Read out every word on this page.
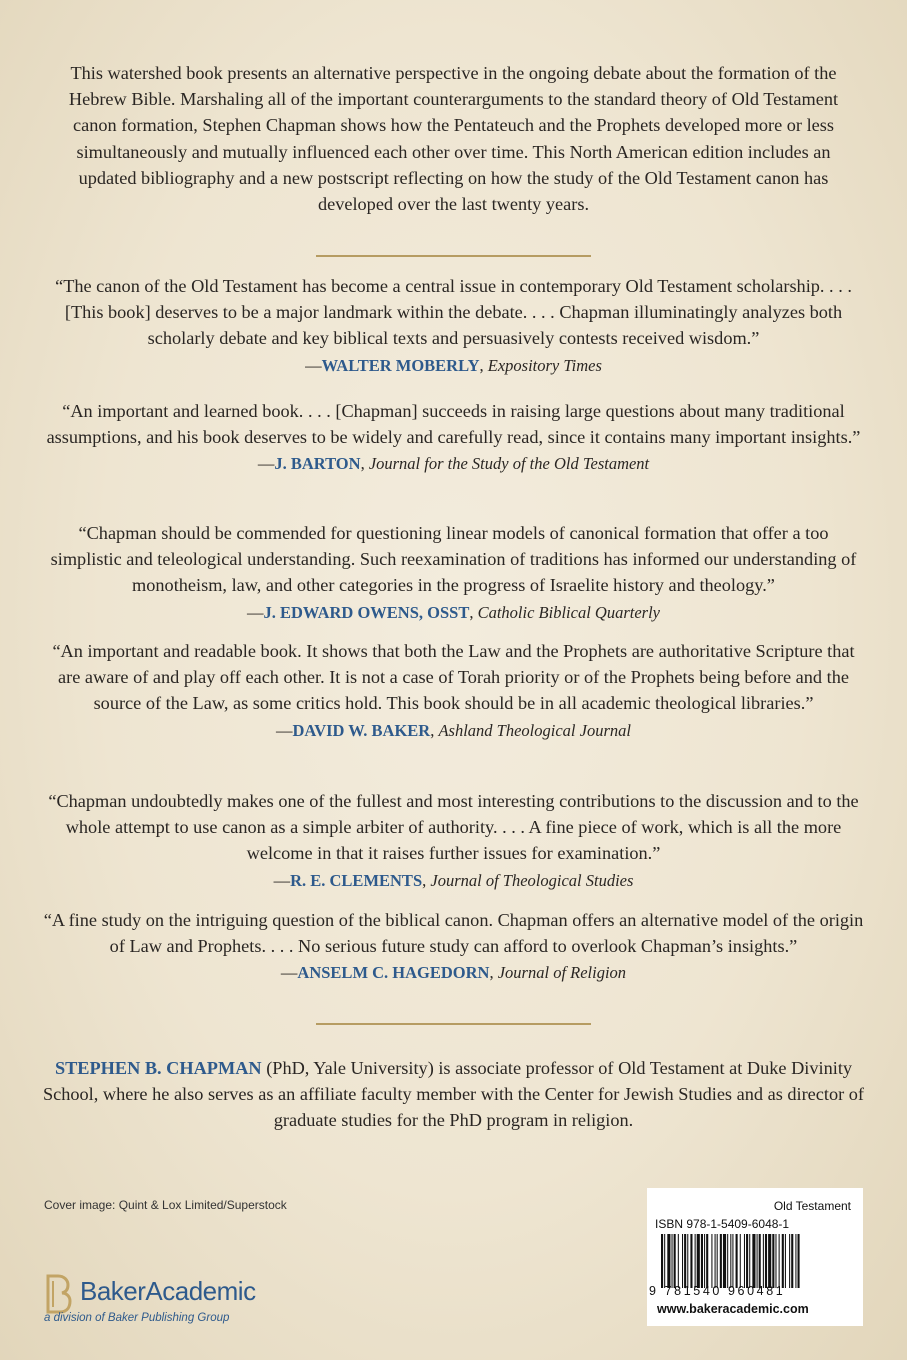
This watershed book presents an alternative perspective in the ongoing debate about the formation of the Hebrew Bible. Marshaling all of the important counterarguments to the standard theory of Old Testament canon formation, Stephen Chapman shows how the Pentateuch and the Prophets developed more or less simultaneously and mutually influenced each other over time. This North American edition includes an updated bibliography and a new postscript reflecting on how the study of the Old Testament canon has developed over the last twenty years.

“The canon of the Old Testament has become a central issue in contemporary Old Testament scholarship. . . . [This book] deserves to be a major landmark within the debate. . . . Chapman illuminatingly analyzes both scholarly debate and key biblical texts and persuasively contests received wisdom.”
—WALTER MOBERLY, Expository Times
“An important and learned book. . . . [Chapman] succeeds in raising large questions about many traditional assumptions, and his book deserves to be widely and carefully read, since it contains many important insights.”
—J. BARTON, Journal for the Study of the Old Testament
“Chapman should be commended for questioning linear models of canonical formation that offer a too simplistic and teleological understanding. Such reexamination of traditions has informed our understanding of monotheism, law, and other categories in the progress of Israelite history and theology.”
—J. EDWARD OWENS, OSST, Catholic Biblical Quarterly
“An important and readable book. It shows that both the Law and the Prophets are authoritative Scripture that are aware of and play off each other. It is not a case of Torah priority or of the Prophets being before and the source of the Law, as some critics hold. This book should be in all academic theological libraries.”
—DAVID W. BAKER, Ashland Theological Journal
“Chapman undoubtedly makes one of the fullest and most interesting contributions to the discussion and to the whole attempt to use canon as a simple arbiter of authority. . . . A fine piece of work, which is all the more welcome in that it raises further issues for examination.”
—R. E. CLEMENTS, Journal of Theological Studies
“A fine study on the intriguing question of the biblical canon. Chapman offers an alternative model of the origin of Law and Prophets. . . . No serious future study can afford to overlook Chapman’s insights.”
—ANSELM C. HAGEDORN, Journal of Religion

STEPHEN B. CHAPMAN (PhD, Yale University) is associate professor of Old Testament at Duke Divinity School, where he also serves as an affiliate faculty member with the Center for Jewish Studies and as director of graduate studies for the PhD program in religion.

Cover image: Quint & Lox Limited/Superstock
BakerAcademic
a division of Baker Publishing Group
Old Testament
ISBN 978-1-5409-6048-1
9 781540 960481
www.bakeracademic.com
